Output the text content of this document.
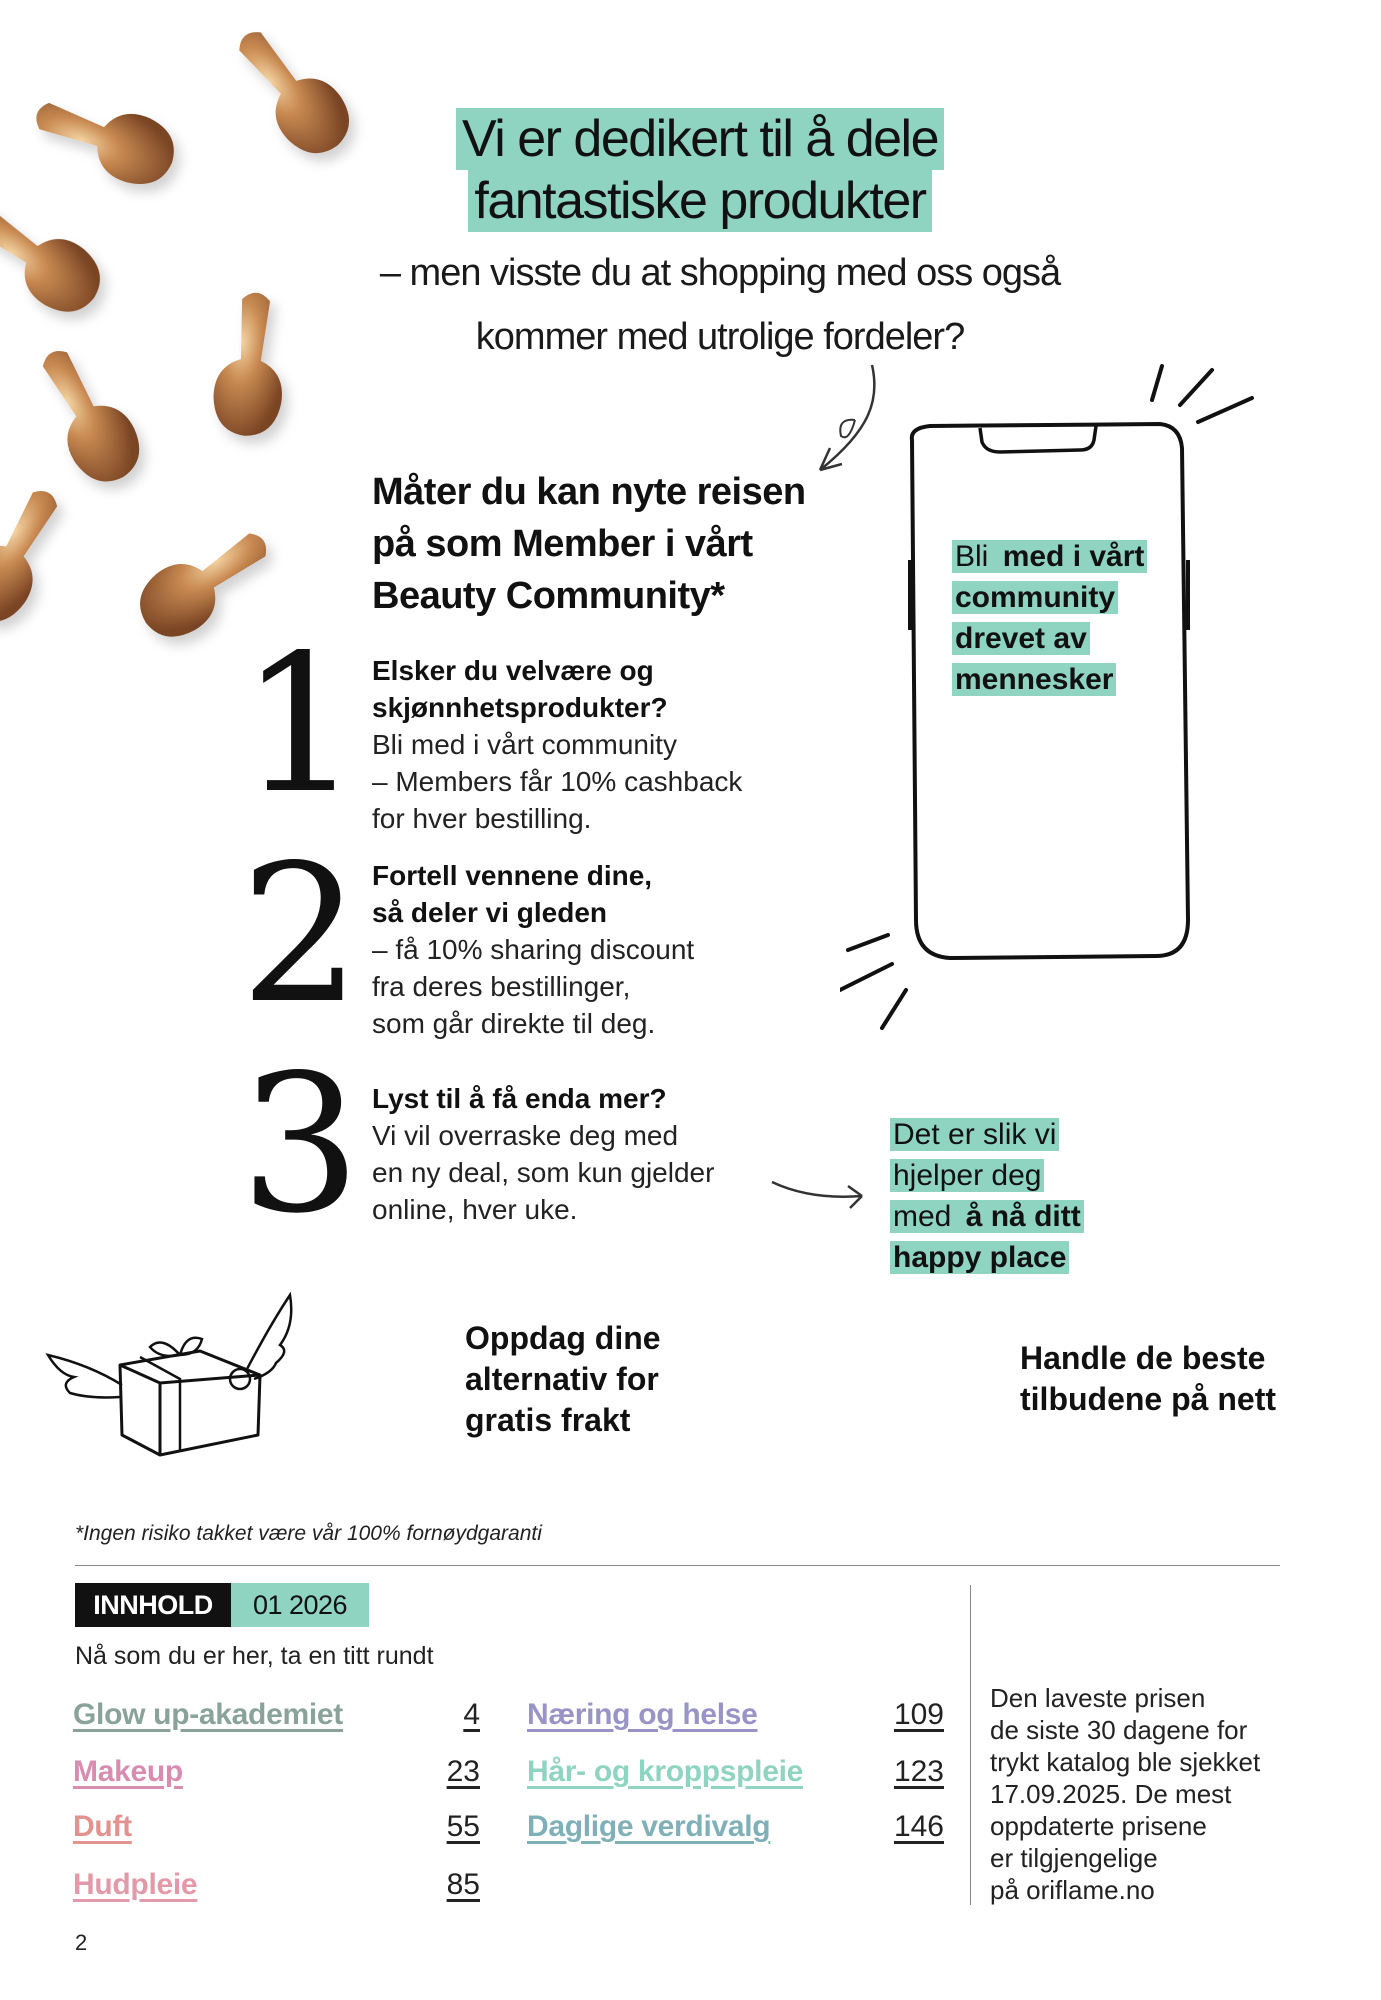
Vi er dedikert til å dele
fantastiske produkter
– men visste du at shopping med oss også
kommer med utrolige fordeler?
Måter du kan nyte reisen på som Member i vårt Beauty Community*
1
2
3
Elsker du velvære og
skjønnhetsprodukter?
Bli med i vårt community
– Members får 10% cashback
for hver bestilling.
Fortell vennene dine,
så deler vi gleden
– få 10% sharing discount
fra deres bestillinger,
som går direkte til deg.
Lyst til å få enda mer?
Vi vil overraske deg med
en ny deal, som kun gjelder
online, hver uke.
Bli med i vårt
community
drevet av
mennesker
Det er slik vi
hjelper deg
med å nå ditt
happy place
Oppdag dine
alternativ for
gratis frakt
Handle de beste
tilbudene på nett
*Ingen risiko takket være vår 100% fornøydgaranti
INNHOLD	01 2026
Nå som du er her, ta en titt rundt
Glow up-akademiet	4
Makeup	23
Duft	55
Hudpleie	85
Næring og helse	109
Hår- og kroppspleie	123
Daglige verdivalg	146
Den laveste prisen
de siste 30 dagene for
trykt katalog ble sjekket
17.09.2025. De mest
oppdaterte prisene
er tilgjengelige
på oriflame.no
2
